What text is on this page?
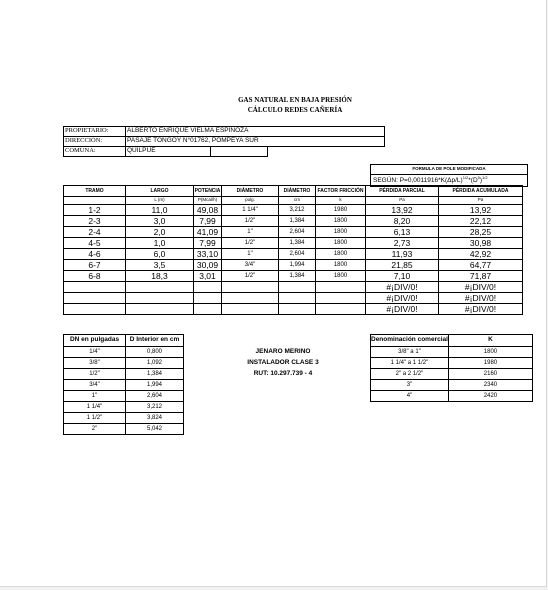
GAS NATURAL EN BAJA PRESIÓN
CÁLCULO REDES CAÑERÍA
PROPIETARIO:	ALBERTO ENRIQUE VIELMA ESPINOZA		
DIRECCIÓN:	PASAJE TONGOY N°01762, POMPEYA SUR		
COMUNA:	QUILPUÉ		
FORMULA DE POLE MODIFICADA
SEGÚN: $P=0,0011916*K(\Delta p/L)^{1/2}*(D^5)^{1/2}$
TRAMO	LARGO	POTENCIA	DIÁMETRO	DIÁMETRO	FACTOR FRICCIÓN	PÉRDIDA PARCIAL	PÉRDIDA ACUMULADA
	L (m)	P(Mcal/h)	pulg.	cm	k	Pa	Pa
1-2	11,0	49,08	1 1/4"	3,212	1980	13,92	13,92
2-3	3,0	7,99	1/2"	1,384	1800	8,20	22,12
2-4	2,0	41,09	1"	2,604	1800	6,13	28,25
4-5	1,0	7,99	1/2"	1,384	1800	2,73	30,98
4-6	6,0	33,10	1"	2,604	1800	11,93	42,92
6-7	3,5	30,09	3/4"	1,994	1800	21,85	64,77
6-8	18,3	3,01	1/2"	1,384	1800	7,10	71,87
						#¡DIV/0!	#¡DIV/0!
						#¡DIV/0!	#¡DIV/0!
						#¡DIV/0!	#¡DIV/0!
DN en pulgadas	D Interior en cm
1/4"	0,800
3/8"	1,092
1/2"	1,384
3/4"	1,994
1"	2,604
1 1/4"	3,212
1 1/2"	3,824
2"	5,042
JENARO MERINO
INSTALADOR CLASE 3
RUT: 10.297.739 - 4
Denominación comercial	K
3/8" a 1"	1800
1 1/4" a 1 1/2"	1980
2" a 2 1/2"	2160
3"	2340
4"	2420
